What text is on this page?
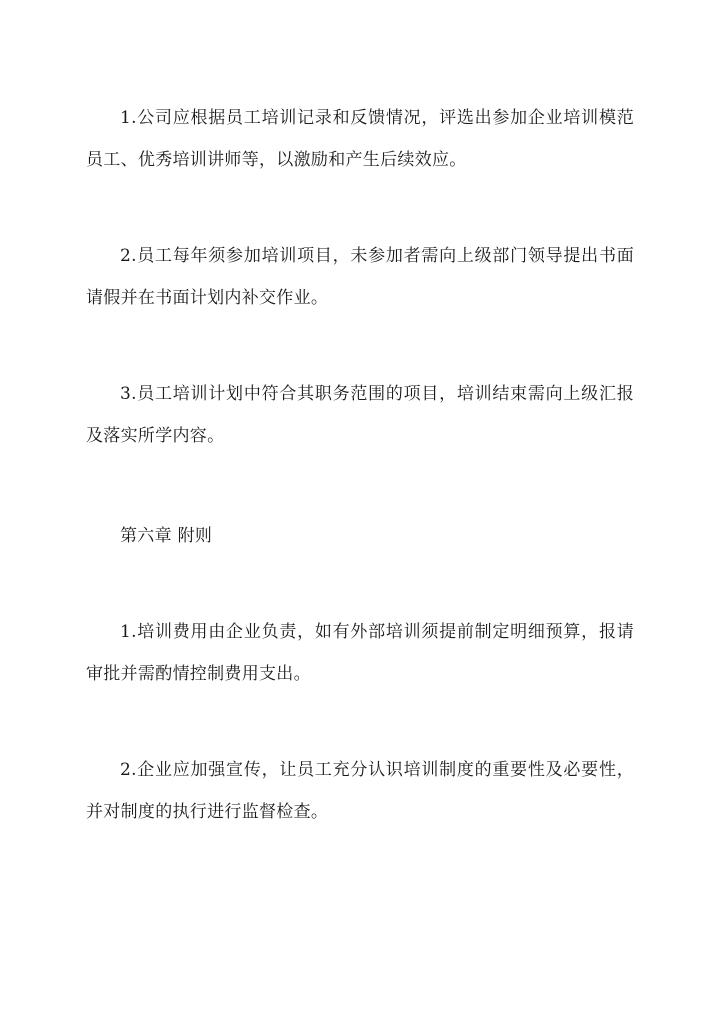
1.公司应根据员工培训记录和反馈情况，评选出参加企业培训模范员工、优秀培训讲师等，以激励和产生后续效应。

2.员工每年须参加培训项目，未参加者需向上级部门领导提出书面请假并在书面计划内补交作业。

3.员工培训计划中符合其职务范围的项目，培训结束需向上级汇报及落实所学内容。

第六章 附则

1.培训费用由企业负责，如有外部培训须提前制定明细预算，报请审批并需酌情控制费用支出。

2.企业应加强宣传，让员工充分认识培训制度的重要性及必要性，并对制度的执行进行监督检查。
